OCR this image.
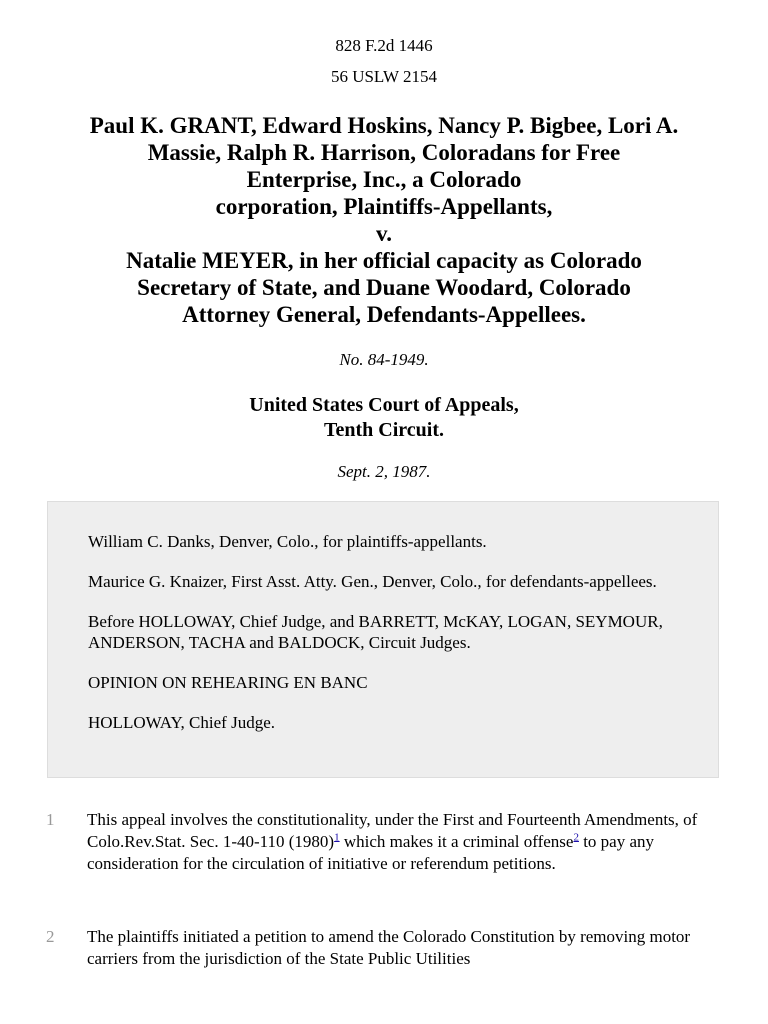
828 F.2d 1446
56 USLW 2154
Paul K. GRANT, Edward Hoskins, Nancy P. Bigbee, Lori A.
Massie, Ralph R. Harrison, Coloradans for Free
Enterprise, Inc., a Colorado
corporation, Plaintiffs-Appellants,
v.
Natalie MEYER, in her official capacity as Colorado
Secretary of State, and Duane Woodard, Colorado
Attorney General, Defendants-Appellees.
No. 84-1949.
United States Court of Appeals,
Tenth Circuit.
Sept. 2, 1987.

William C. Danks, Denver, Colo., for plaintiffs-appellants.

Maurice G. Knaizer, First Asst. Atty. Gen., Denver, Colo., for defendants-appellees.

Before HOLLOWAY, Chief Judge, and BARRETT, McKAY, LOGAN, SEYMOUR, ANDERSON, TACHA and BALDOCK, Circuit Judges.

OPINION ON REHEARING EN BANC

HOLLOWAY, Chief Judge.

1 This appeal involves the constitutionality, under the First and Fourteenth Amendments, of Colo.Rev.Stat. Sec. 1-40-110 (1980)$^1$ which makes it a criminal offense$^2$ to pay any consideration for the circulation of initiative or referendum petitions.
2 The plaintiffs initiated a petition to amend the Colorado Constitution by removing motor carriers from the jurisdiction of the State Public Utilities
